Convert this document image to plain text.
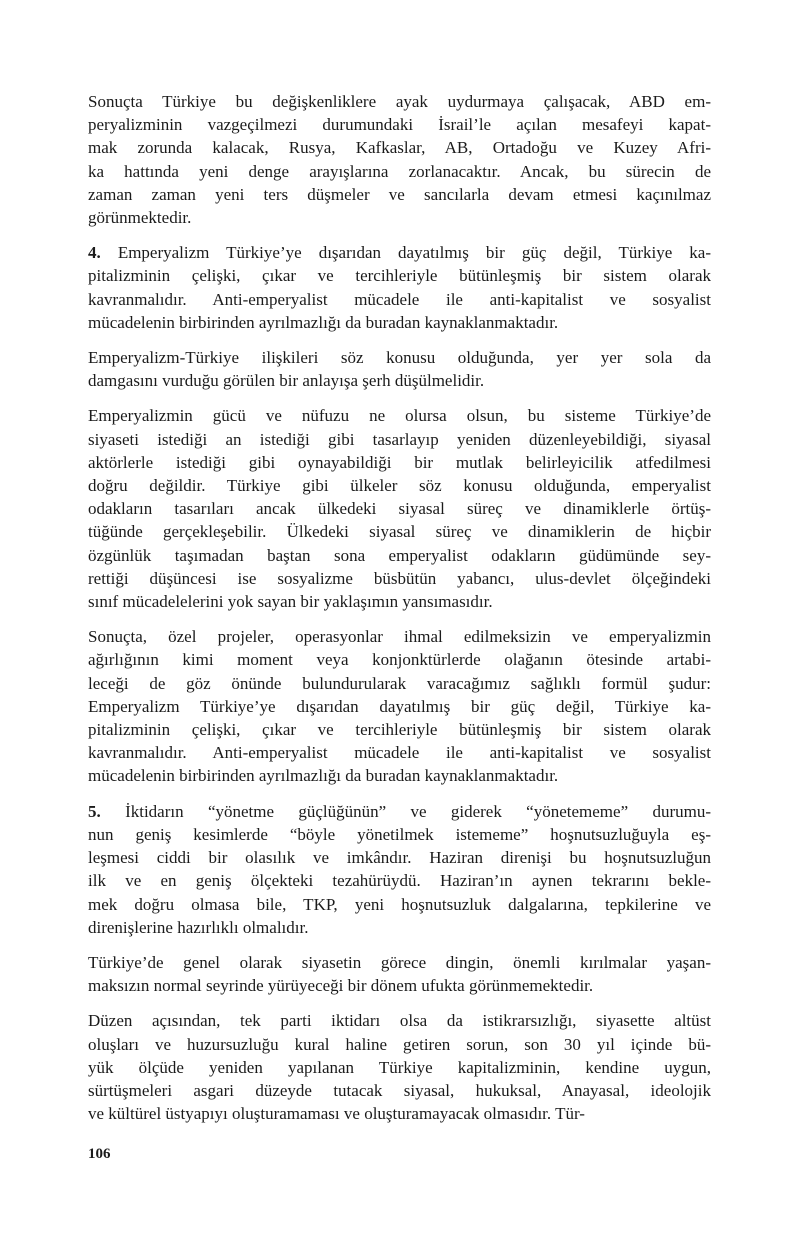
Sonuçta Türkiye bu değişkenliklere ayak uydurmaya çalışacak, ABD em-
peryalizminin vazgeçilmezi durumundaki İsrail’le açılan mesafeyi kapat-
mak zorunda kalacak, Rusya, Kafkaslar, AB, Ortadoğu ve Kuzey Afri-
ka hattında yeni denge arayışlarına zorlanacaktır. Ancak, bu sürecin de
zaman zaman yeni ters düşmeler ve sancılarla devam etmesi kaçınılmaz
görünmektedir.
4. Emperyalizm Türkiye’ye dışarıdan dayatılmış bir güç değil, Türkiye ka-
pitalizminin çelişki, çıkar ve tercihleriyle bütünleşmiş bir sistem olarak
kavranmalıdır. Anti-emperyalist mücadele ile anti-kapitalist ve sosyalist
mücadelenin birbirinden ayrılmazlığı da buradan kaynaklanmaktadır.
Emperyalizm-Türkiye ilişkileri söz konusu olduğunda, yer yer sola da
damgasını vurduğu görülen bir anlayışa şerh düşülmelidir.
Emperyalizmin gücü ve nüfuzu ne olursa olsun, bu sisteme Türkiye’de
siyaseti istediği an istediği gibi tasarlayıp yeniden düzenleyebildiği, siyasal
aktörlerle istediği gibi oynayabildiği bir mutlak belirleyicilik atfedilmesi
doğru değildir. Türkiye gibi ülkeler söz konusu olduğunda, emperyalist
odakların tasarıları ancak ülkedeki siyasal süreç ve dinamiklerle örtüş-
tüğünde gerçekleşebilir. Ülkedeki siyasal süreç ve dinamiklerin de hiçbir
özgünlük taşımadan baştan sona emperyalist odakların güdümünde sey-
rettiği düşüncesi ise sosyalizme büsbütün yabancı, ulus-devlet ölçeğindeki
sınıf mücadelelerini yok sayan bir yaklaşımın yansımasıdır.
Sonuçta, özel projeler, operasyonlar ihmal edilmeksizin ve emperyalizmin
ağırlığının kimi moment veya konjonktürlerde olağanın ötesinde artabi-
leceği de göz önünde bulundurularak varacağımız sağlıklı formül şudur:
Emperyalizm Türkiye’ye dışarıdan dayatılmış bir güç değil, Türkiye ka-
pitalizminin çelişki, çıkar ve tercihleriyle bütünleşmiş bir sistem olarak
kavranmalıdır. Anti-emperyalist mücadele ile anti-kapitalist ve sosyalist
mücadelenin birbirinden ayrılmazlığı da buradan kaynaklanmaktadır.
5. İktidarın “yönetme güçlüğünün” ve giderek “yönetememe” durumu-
nun geniş kesimlerde “böyle yönetilmek istememe” hoşnutsuzluğuyla eş-
leşmesi ciddi bir olasılık ve imkândır. Haziran direnişi bu hoşnutsuzluğun
ilk ve en geniş ölçekteki tezahürüydü. Haziran’ın aynen tekrarını bekle-
mek doğru olmasa bile, TKP, yeni hoşnutsuzluk dalgalarına, tepkilerine ve
direnişlerine hazırlıklı olmalıdır.
Türkiye’de genel olarak siyasetin görece dingin, önemli kırılmalar yaşan-
maksızın normal seyrinde yürüyeceği bir dönem ufukta görünmemektedir.
Düzen açısından, tek parti iktidarı olsa da istikrarsızlığı, siyasette altüst
oluşları ve huzursuzluğu kural haline getiren sorun, son 30 yıl içinde bü-
yük ölçüde yeniden yapılanan Türkiye kapitalizminin, kendine uygun,
sürtüşmeleri asgari düzeyde tutacak siyasal, hukuksal, Anayasal, ideolojik
ve kültürel üstyapıyı oluşturamaması ve oluşturamayacak olmasıdır. Tür-
106
